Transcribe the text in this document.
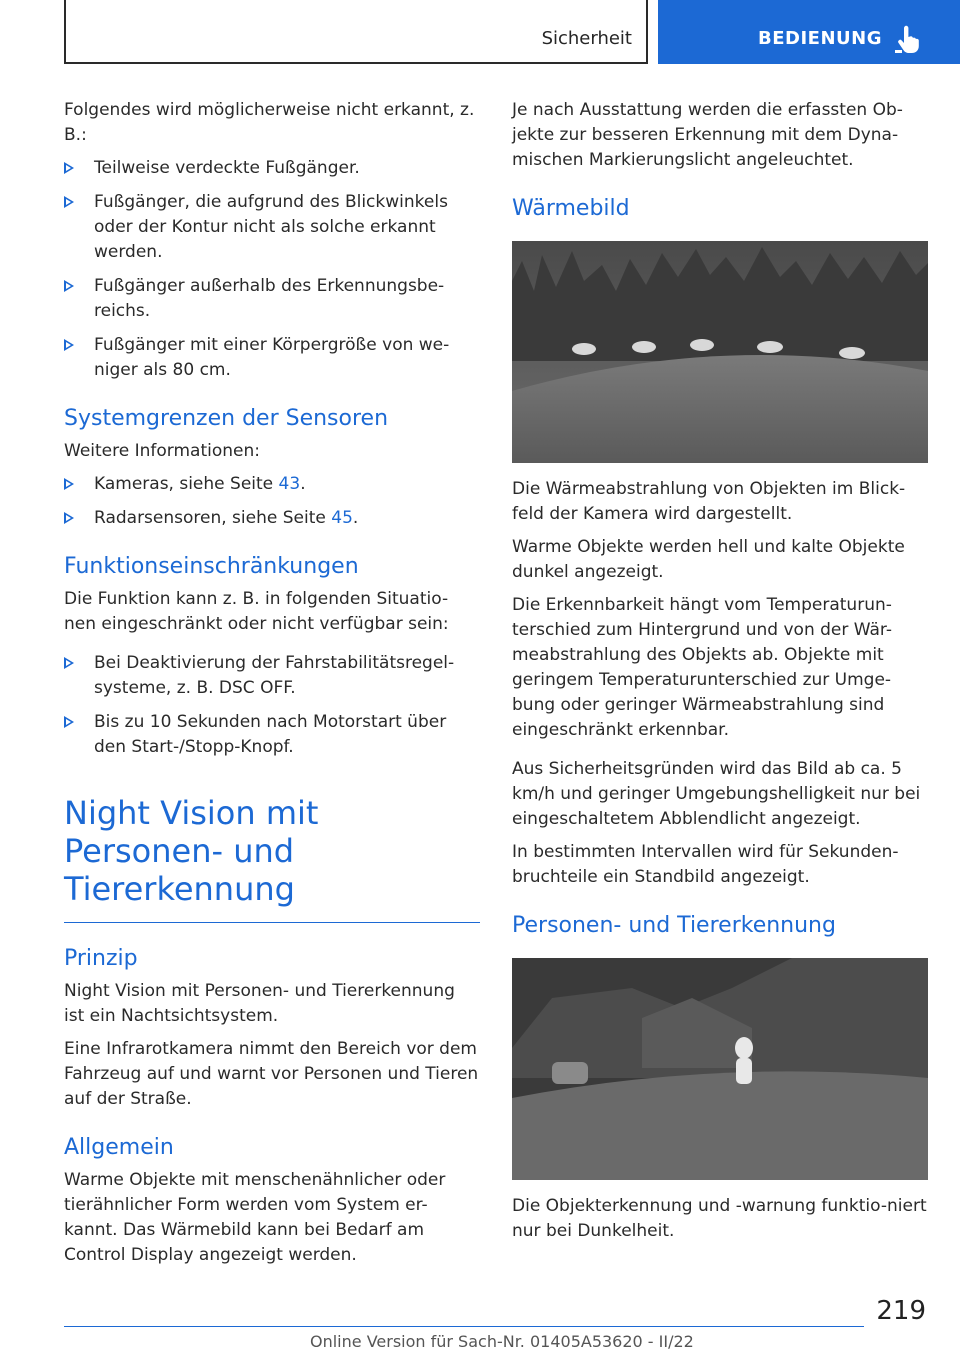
Sicherheit	BEDIENUNG

Folgendes wird möglicherweise nicht erkannt, z. B.:

Teilweise verdeckte Fußgänger.
Fußgänger, die aufgrund des Blickwinkels oder der Kontur nicht als solche erkannt werden.
Fußgänger außerhalb des Erkennungsbe-reichs.
Fußgänger mit einer Körpergröße von we-niger als 80 cm.
Systemgrenzen der Sensoren

Weitere Informationen:

Kameras, siehe Seite 43.
Radarsensoren, siehe Seite 45.
Funktionseinschränkungen

Die Funktion kann z. B. in folgenden Situatio-nen eingeschränkt oder nicht verfügbar sein:

Bei Deaktivierung der Fahrstabilitätsregel-systeme, z. B. DSC OFF.
Bis zu 10 Sekunden nach Motorstart über den Start-/Stopp-Knopf.
Night Vision mit Personen- und Tiererkennung
Prinzip

Night Vision mit Personen- und Tiererkennung ist ein Nachtsichtsystem.

Eine Infrarotkamera nimmt den Bereich vor dem Fahrzeug auf und warnt vor Personen und Tieren auf der Straße.

Allgemein

Warme Objekte mit menschenähnlicher oder tierähnlicher Form werden vom System er-kannt. Das Wärmebild kann bei Bedarf am Control Display angezeigt werden.

Je nach Ausstattung werden die erfassten Ob-jekte zur besseren Erkennung mit dem Dyna-mischen Markierungslicht angeleuchtet.

Wärmebild

Die Wärmeabstrahlung von Objekten im Blick-feld der Kamera wird dargestellt.

Warme Objekte werden hell und kalte Objekte dunkel angezeigt.

Die Erkennbarkeit hängt vom Temperaturun-terschied zum Hintergrund und von der Wär-meabstrahlung des Objekts ab. Objekte mit geringem Temperaturunterschied zur Umge-bung oder geringer Wärmeabstrahlung sind eingeschränkt erkennbar.

Aus Sicherheitsgründen wird das Bild ab ca. 5 km/h und geringer Umgebungshelligkeit nur bei eingeschaltetem Abblendlicht angezeigt.

In bestimmten Intervallen wird für Sekunden-bruchteile ein Standbild angezeigt.

Personen- und Tiererkennung

Die Objekterkennung und -warnung funktio-niert nur bei Dunkelheit.

219
Online Version für Sach-Nr. 01405A53620 - II/22
